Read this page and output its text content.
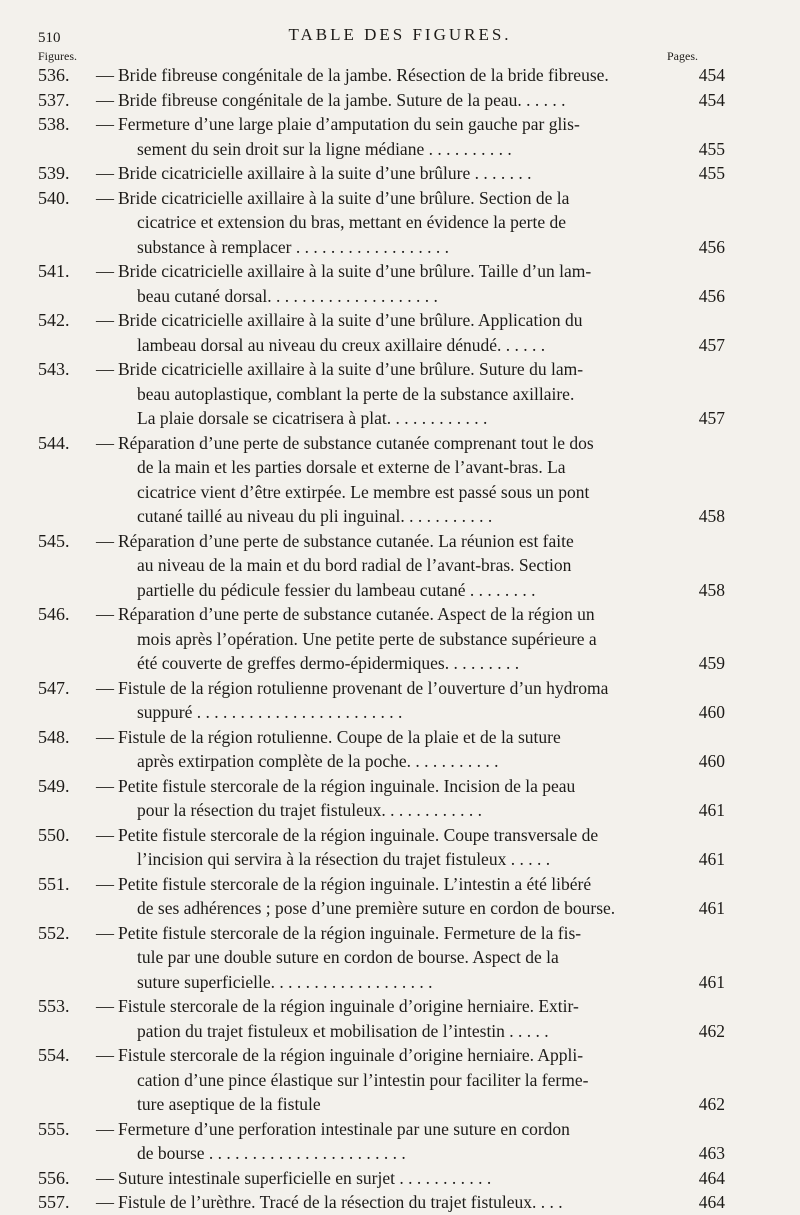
510	TABLE DES FIGURES.
Figures.	Pages.
536.	— Bride fibreuse congénitale de la jambe. Résection de la bride fibreuse.	454
537.	— Bride fibreuse congénitale de la jambe. Suture de la peau. . . . . .	454
538.	— Fermeture d’une large plaie d’amputation du sein gauche par glis-
sement du sein droit sur la ligne médiane . . . . . . . . . .	455
539.	— Bride cicatricielle axillaire à la suite d’une brûlure . . . . . . .	455
540.	— Bride cicatricielle axillaire à la suite d’une brûlure. Section de la
cicatrice et extension du bras, mettant en évidence la perte de
substance à remplacer . . . . . . . . . . . . . . . . . .	456
541.	— Bride cicatricielle axillaire à la suite d’une brûlure. Taille d’un lam-
beau cutané dorsal. . . . . . . . . . . . . . . . . . . .	456
542.	— Bride cicatricielle axillaire à la suite d’une brûlure. Application du
lambeau dorsal au niveau du creux axillaire dénudé. . . . . .	457
543.	— Bride cicatricielle axillaire à la suite d’une brûlure. Suture du lam-
beau autoplastique, comblant la perte de la substance axillaire.
La plaie dorsale se cicatrisera à plat. . . . . . . . . . . .	457
544.	— Réparation d’une perte de substance cutanée comprenant tout le dos
de la main et les parties dorsale et externe de l’avant-bras. La
cicatrice vient d’être extirpée. Le membre est passé sous un pont
cutané taillé au niveau du pli inguinal. . . . . . . . . . .	458
545.	— Réparation d’une perte de substance cutanée. La réunion est faite
au niveau de la main et du bord radial de l’avant-bras. Section
partielle du pédicule fessier du lambeau cutané . . . . . . . .	458
546.	— Réparation d’une perte de substance cutanée. Aspect de la région un
mois après l’opération. Une petite perte de substance supérieure a
été couverte de greffes dermo-épidermiques. . . . . . . . .	459
547.	— Fistule de la région rotulienne provenant de l’ouverture d’un hydroma
suppuré . . . . . . . . . . . . . . . . . . . . . . . .	460
548.	— Fistule de la région rotulienne. Coupe de la plaie et de la suture
après extirpation complète de la poche. . . . . . . . . . .	460
549.	— Petite fistule stercorale de la région inguinale. Incision de la peau
pour la résection du trajet fistuleux. . . . . . . . . . . .	461
550.	— Petite fistule stercorale de la région inguinale. Coupe transversale de
l’incision qui servira à la résection du trajet fistuleux . . . . .	461
551.	— Petite fistule stercorale de la région inguinale. L’intestin a été libéré
de ses adhérences ; pose d’une première suture en cordon de bourse.	461
552.	— Petite fistule stercorale de la région inguinale. Fermeture de la fis-
tule par une double suture en cordon de bourse. Aspect de la
suture superficielle. . . . . . . . . . . . . . . . . . .	461
553.	— Fistule stercorale de la région inguinale d’origine herniaire. Extir-
pation du trajet fistuleux et mobilisation de l’intestin . . . . .	462
554.	— Fistule stercorale de la région inguinale d’origine herniaire. Appli-
cation d’une pince élastique sur l’intestin pour faciliter la ferme-
ture aseptique de la fistule	462
555.	— Fermeture d’une perforation intestinale par une suture en cordon
de bourse . . . . . . . . . . . . . . . . . . . . . . .	463
556.	— Suture intestinale superficielle en surjet . . . . . . . . . . .	464
557.	— Fistule de l’urèthre. Tracé de la résection du trajet fistuleux. . . .	464
